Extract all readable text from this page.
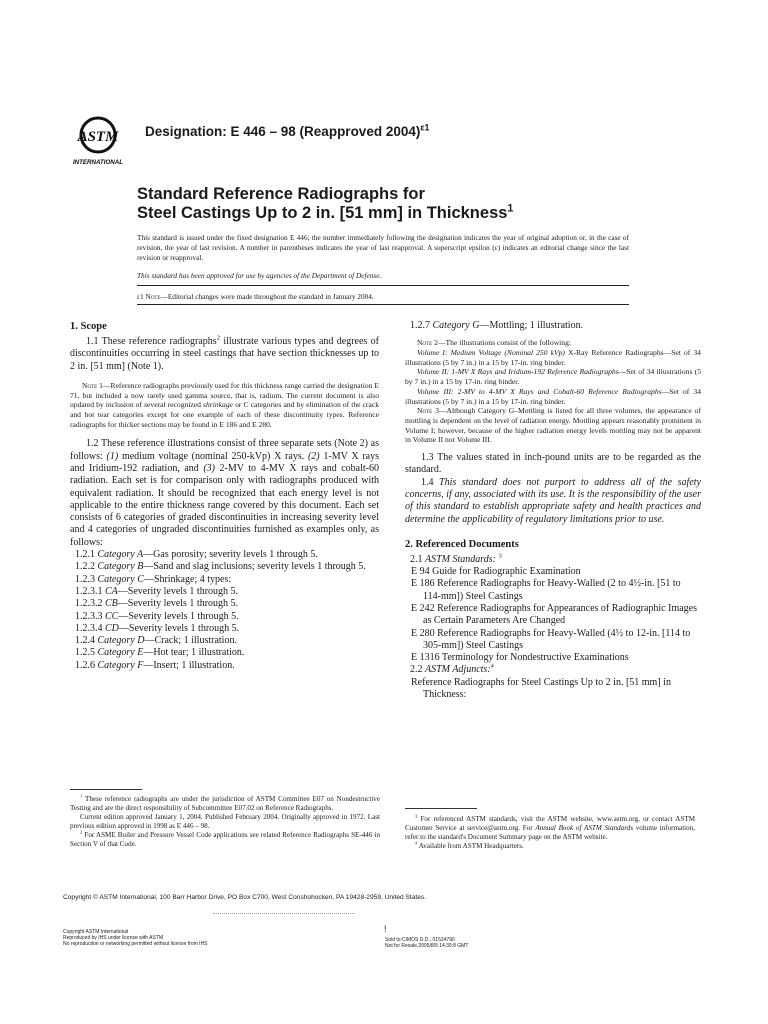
ASTM
INTERNATIONAL
Designation: E 446 – 98 (Reapproved 2004)$^{\varepsilon 1}$
Standard Reference Radiographs for
Steel Castings Up to 2 in. [51 mm] in Thickness$^1$
This standard is issued under the fixed designation E 446; the number immediately following the designation indicates the year of original adoption or, in the case of revision, the year of last revision. A number in parentheses indicates the year of last reapproval. A superscript epsilon (ε) indicates an editorial change since the last revision or reapproval.
This standard has been approved for use by agencies of the Department of Defense.
ε1 Note—Editorial changes were made throughout the standard in January 2004.
1. Scope

1.1 These reference radiographs$^2$ illustrate various types and degrees of discontinuities occurring in steel castings that have section thicknesses up to 2 in. [51 mm] (Note 1).

Note 1—Reference radiographs previously used for this thickness range carried the designation E 71, but included a now rarely used gamma source, that is, radium. The current document is also updated by inclusion of several recognized shrinkage or C categories and by elimination of the crack and hot tear categories except for one example of each of these discontinuity types. Reference radiographs for thicker sections may be found in E 186 and E 280.

1.2 These reference illustrations consist of three separate sets (Note 2) as follows: (1) medium voltage (nominal 250-kVp) X rays. (2) 1-MV X rays and Iridium-192 radiation, and (3) 2-MV to 4-MV X rays and cobalt-60 radiation. Each set is for comparison only with radiographs produced with equivalent radiation. It should be recognized that each energy level is not applicable to the entire thickness range covered by this document. Each set consists of 6 categories of graded discontinuities in increasing severity level and 4 categories of ungraded discontinuities furnished as examples only, as follows:

1.2.1 Category A—Gas porosity; severity levels 1 through 5.

1.2.2 Category B—Sand and slag inclusions; severity levels 1 through 5.

1.2.3 Category C—Shrinkage; 4 types:

1.2.3.1 CA—Severity levels 1 through 5.

1.2.3.2 CB—Severity levels 1 through 5.

1.2.3.3 CC—Severity levels 1 through 5.

1.2.3.4 CD—Severity levels 1 through 5.

1.2.4 Category D—Crack; 1 illustration.

1.2.5 Category E—Hot tear; 1 illustration.

1.2.6 Category F—Insert; 1 illustration.

1.2.7 Category G—Mottling; 1 illustration.

Note 2—The illustrations consist of the following:

Volume I: Medium Voltage (Nominal 250 kVp) X-Ray Reference Radiographs—Set of 34 illustrations (5 by 7 in.) in a 15 by 17-in. ring binder.

Volume II: 1-MV X Rays and Iridium-192 Reference Radiographs—Set of 34 illustrations (5 by 7 in.) in a 15 by 17-in. ring binder.

Volume III: 2-MV to 4-MV X Rays and Cobalt-60 Reference Radiographs—Set of 34 illustrations (5 by 7 in.) in a 15 by 17-in. ring binder.

Note 3—Although Category G–Mottling is listed for all three volumes, the appearance of mottling is dependent on the level of radiation energy. Mottling appears reasonably prominent in Volume I; however, because of the higher radiation energy levels mottling may not be apparent in Volume II nor Volume III.

1.3 The values stated in inch-pound units are to be regarded as the standard.

1.4 This standard does not purport to address all of the safety concerns, if any, associated with its use. It is the responsibility of the user of this standard to establish appropriate safety and health practices and determine the applicability of regulatory limitations prior to use.

2. Referenced Documents

2.1 ASTM Standards: $^3$

E 94 Guide for Radiographic Examination

E 186 Reference Radiographs for Heavy-Walled (2 to 4½-in. [51 to 114-mm]) Steel Castings

E 242 Reference Radiographs for Appearances of Radiographic Images as Certain Parameters Are Changed

E 280 Reference Radiographs for Heavy-Walled (4½ to 12-in. [114 to 305-mm]) Steel Castings

E 1316 Terminology for Nondestructive Examinations

2.2 ASTM Adjuncts:$^4$

Reference Radiographs for Steel Castings Up to 2 in. [51 mm] in Thickness:

$^1$ These reference radiographs are under the jurisdiction of ASTM Committee E07 on Nondestructive Testing and are the direct responsibility of Subcommittee E07.02 on Reference Radiographs.
Current edition approved January 1, 2004. Published February 2004. Originally approved in 1972. Last previous edition approved in 1998 as E 446 – 98.
$^2$ For ASME Boiler and Pressure Vessel Code applications see related Reference Radiographs SE-446 in Section V of that Code.
$^3$ For referenced ASTM standards, visit the ASTM website, www.astm.org, or contact ASTM Customer Service at service@astm.org. For Annual Book of ASTM Standards volume information, refer to the standard's Document Summary page on the ASTM website.
$^4$ Available from ASTM Headquarters.
Copyright © ASTM International, 100 Barr Harbor Drive, PO Box C700, West Conshohocken, PA 19428-2959, United States.
Copyright ASTM International
Reproduced by IHS under license with ASTM
No reproduction or networking permitted without license from IHS
!
Sold to:CIMOS D.D., 01524790
Not for Resale,2005/8/9 14:39:8 GMT
